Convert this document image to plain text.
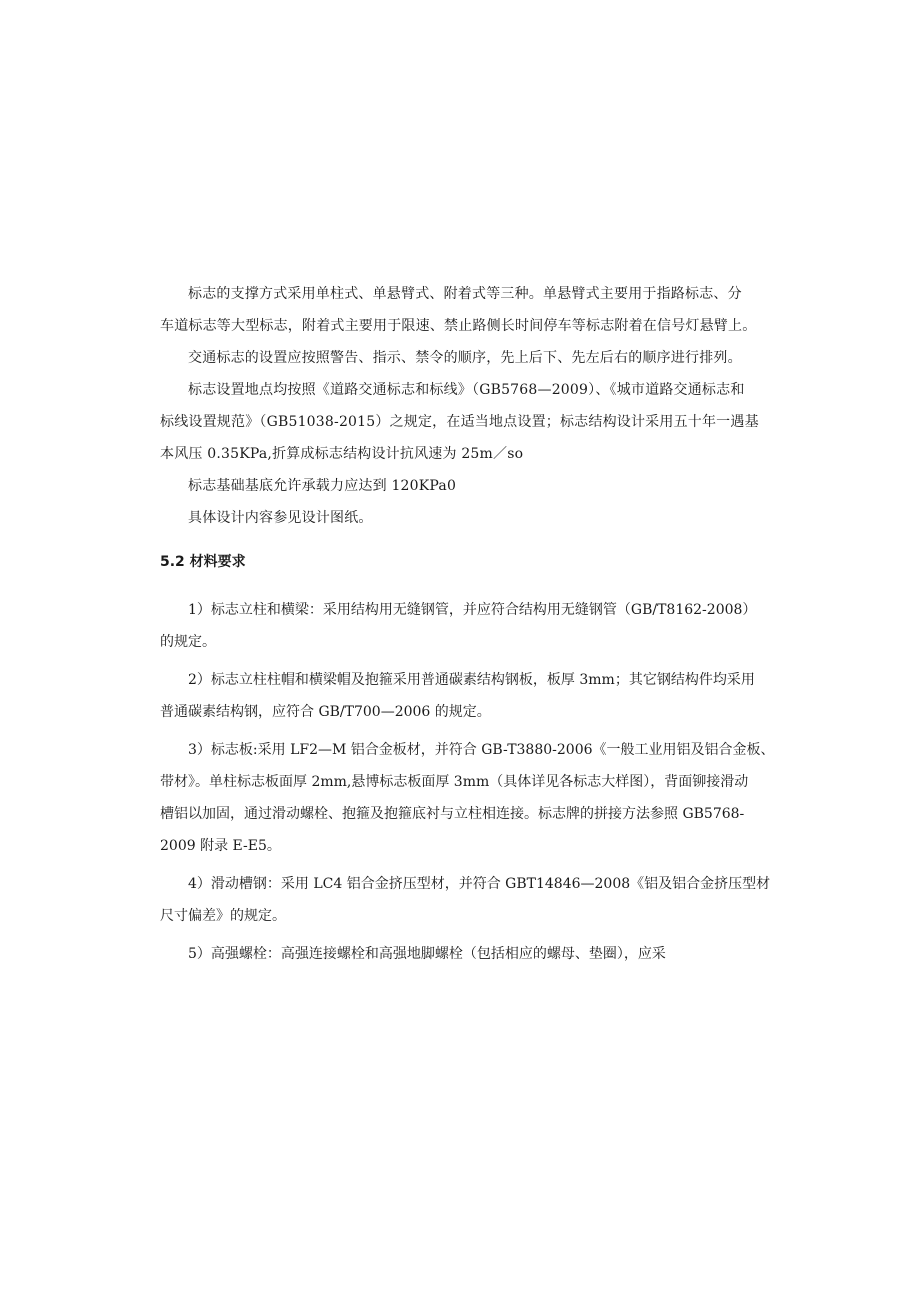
标志的支撑方式采用单柱式、单悬臂式、附着式等三种。单悬臂式主要用于指路标志、分
车道标志等大型标志，附着式主要用于限速、禁止路侧长时间停车等标志附着在信号灯悬臂上。

交通标志的设置应按照警告、指示、禁令的顺序，先上后下、先左后右的顺序进行排列。

标志设置地点均按照《道路交通标志和标线》（GB5768—2009）、《城市道路交通标志和
标线设置规范》（GB51038-2015）之规定，在适当地点设置；标志结构设计采用五十年一遇基
本风压 0.35KPa,折算成标志结构设计抗风速为 25m／so

标志基础基底允许承载力应达到 120KPa0

具体设计内容参见设计图纸。

5.2 材料要求
1）标志立柱和横梁：采用结构用无缝钢管，并应符合结构用无缝钢管（GB/T8162-2008）
的规定。
2）标志立柱柱帽和横梁帽及抱箍采用普通碳素结构钢板，板厚 3mm；其它钢结构件均采用
普通碳素结构钢，应符合 GB/T700—2006 的规定。
3）标志板:采用 LF2—M 铝合金板材，并符合 GB-T3880-2006《一般工业用铝及铝合金板、
带材》。单柱标志板面厚 2mm,悬博标志板面厚 3mm（具体详见各标志大样图），背面铆接滑动
槽铝以加固，通过滑动螺栓、抱箍及抱箍底衬与立柱相连接。标志牌的拼接方法参照 GB5768-
2009 附录 E-E5。
4）滑动槽钢：采用 LC4 铝合金挤压型材，并符合 GBT14846—2008《铝及铝合金挤压型材
尺寸偏差》的规定。
5）高强螺栓：高强连接螺栓和高强地脚螺栓（包括相应的螺母、垫圈），应采
